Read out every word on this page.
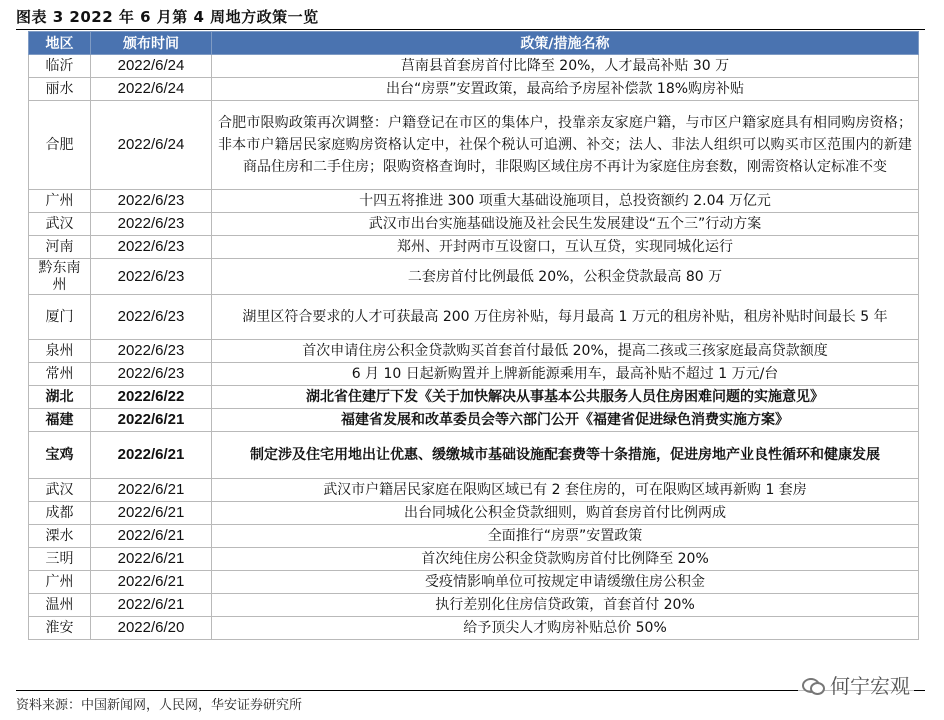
图表 3 2022 年 6 月第 4 周地方政策一览
地区	颁布时间	政策/措施名称
临沂	2022/6/24	莒南县首套房首付比降至 20%，人才最高补贴 30 万
丽水	2022/6/24	出台“房票”安置政策，最高给予房屋补偿款 18%购房补贴
合肥	2022/6/24	合肥市限购政策再次调整：户籍登记在市区的集体户，投靠亲友家庭户籍，与市区户籍家庭具有相同购房资格；非本市户籍居民家庭购房资格认定中，社保个税认可追溯、补交；法人、非法人组织可以购买市区范围内的新建商品住房和二手住房；限购资格查询时，非限购区域住房不再计为家庭住房套数，刚需资格认定标准不变
广州	2022/6/23	十四五将推进 300 项重大基础设施项目，总投资额约 2.04 万亿元
武汉	2022/6/23	武汉市出台实施基础设施及社会民生发展建设“五个三”行动方案
河南	2022/6/23	郑州、开封两市互设窗口，互认互贷，实现同城化运行
黔东南州	2022/6/23	二套房首付比例最低 20%，公积金贷款最高 80 万
厦门	2022/6/23	湖里区符合要求的人才可获最高 200 万住房补贴，每月最高 1 万元的租房补贴，租房补贴时间最长 5 年
泉州	2022/6/23	首次申请住房公积金贷款购买首套首付最低 20%，提高二孩或三孩家庭最高贷款额度
常州	2022/6/23	6 月 10 日起新购置并上牌新能源乘用车，最高补贴不超过 1 万元/台
湖北	2022/6/22	湖北省住建厅下发《关于加快解决从事基本公共服务人员住房困难问题的实施意见》
福建	2022/6/21	福建省发展和改革委员会等六部门公开《福建省促进绿色消费实施方案》
宝鸡	2022/6/21	制定涉及住宅用地出让优惠、缓缴城市基础设施配套费等十条措施，促进房地产业良性循环和健康发展
武汉	2022/6/21	武汉市户籍居民家庭在限购区域已有 2 套住房的，可在限购区域再新购 1 套房
成都	2022/6/21	出台同城化公积金贷款细则，购首套房首付比例两成
溧水	2022/6/21	全面推行“房票”安置政策
三明	2022/6/21	首次纯住房公积金贷款购房首付比例降至 20%
广州	2022/6/21	受疫情影响单位可按规定申请缓缴住房公积金
温州	2022/6/21	执行差别化住房信贷政策，首套首付 20%
淮安	2022/6/20	给予顶尖人才购房补贴总价 50%
资料来源：中国新闻网，人民网，华安证券研究所
何宁宏观
